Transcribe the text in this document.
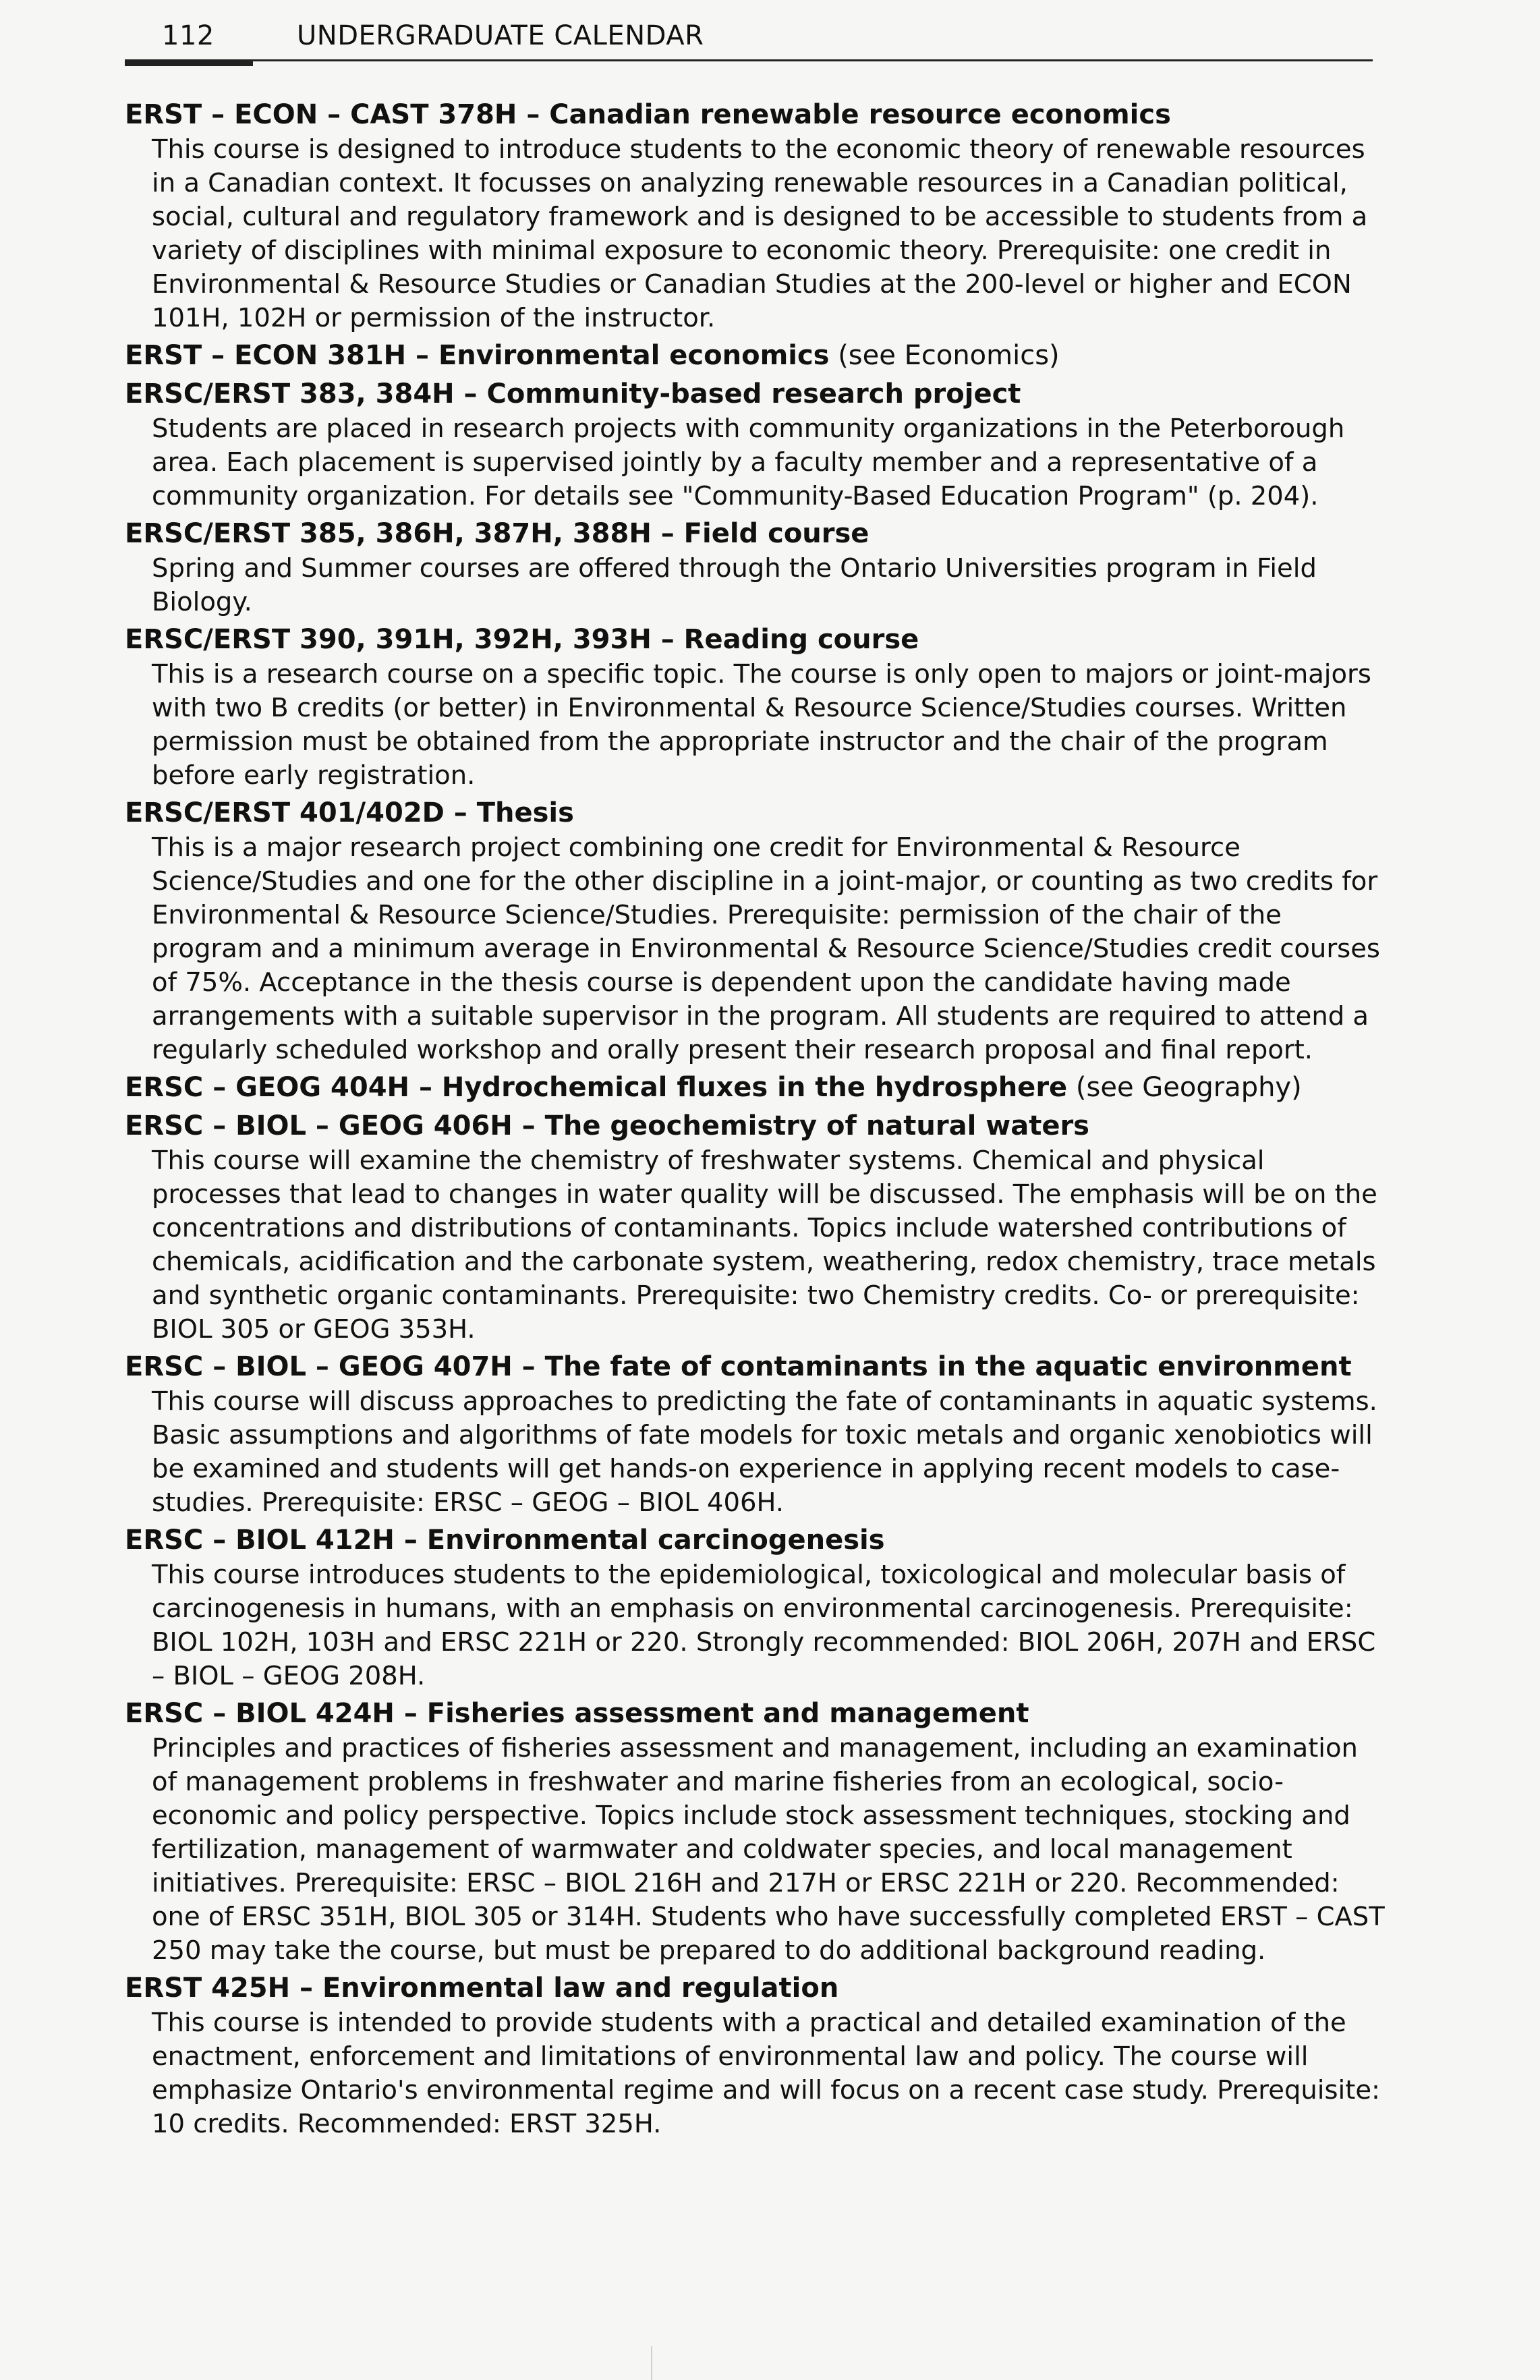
112	UNDERGRADUATE CALENDAR
ERST – ECON – CAST 378H – Canadian renewable resource economics
This course is designed to introduce students to the economic theory of renewable resources in a Canadian context. It focusses on analyzing renewable resources in a Canadian political, social, cultural and regulatory framework and is designed to be accessible to students from a variety of disciplines with minimal exposure to economic theory. Prerequisite: one credit in Environmental & Resource Studies or Canadian Studies at the 200-level or higher and ECON 101H, 102H or permission of the instructor.
ERST – ECON 381H – Environmental economics (see Economics)
ERSC/ERST 383, 384H – Community-based research project
Students are placed in research projects with community organizations in the Peterborough area. Each placement is supervised jointly by a faculty member and a representative of a community organization. For details see "Community-Based Education Program" (p. 204).
ERSC/ERST 385, 386H, 387H, 388H – Field course
Spring and Summer courses are offered through the Ontario Universities program in Field Biology.
ERSC/ERST 390, 391H, 392H, 393H – Reading course
This is a research course on a specific topic. The course is only open to majors or joint-majors with two B credits (or better) in Environmental & Resource Science/Studies courses. Written permission must be obtained from the appropriate instructor and the chair of the program before early registration.
ERSC/ERST 401/402D – Thesis
This is a major research project combining one credit for Environmental & Resource Science/Studies and one for the other discipline in a joint-major, or counting as two credits for Environmental & Resource Science/Studies. Prerequisite: permission of the chair of the program and a minimum average in Environmental & Resource Science/Studies credit courses of 75%. Acceptance in the thesis course is dependent upon the candidate having made arrangements with a suitable supervisor in the program. All students are required to attend a regularly scheduled workshop and orally present their research proposal and final report.
ERSC – GEOG 404H – Hydrochemical fluxes in the hydrosphere (see Geography)
ERSC – BIOL – GEOG 406H – The geochemistry of natural waters
This course will examine the chemistry of freshwater systems. Chemical and physical processes that lead to changes in water quality will be discussed. The emphasis will be on the concentrations and distributions of contaminants. Topics include watershed contributions of chemicals, acidification and the carbonate system, weathering, redox chemistry, trace metals and synthetic organic contaminants. Prerequisite: two Chemistry credits. Co- or prerequisite: BIOL 305 or GEOG 353H.
ERSC – BIOL – GEOG 407H – The fate of contaminants in the aquatic environment
This course will discuss approaches to predicting the fate of contaminants in aquatic systems. Basic assumptions and algorithms of fate models for toxic metals and organic xenobiotics will be examined and students will get hands-on experience in applying recent models to case-studies. Prerequisite: ERSC – GEOG – BIOL 406H.
ERSC – BIOL 412H – Environmental carcinogenesis
This course introduces students to the epidemiological, toxicological and molecular basis of carcinogenesis in humans, with an emphasis on environmental carcinogenesis. Prerequisite: BIOL 102H, 103H and ERSC 221H or 220. Strongly recommended: BIOL 206H, 207H and ERSC – BIOL – GEOG 208H.
ERSC – BIOL 424H – Fisheries assessment and management
Principles and practices of fisheries assessment and management, including an examination of management problems in freshwater and marine fisheries from an ecological, socio-economic and policy perspective. Topics include stock assessment techniques, stocking and fertilization, management of warmwater and coldwater species, and local management initiatives. Prerequisite: ERSC – BIOL 216H and 217H or ERSC 221H or 220. Recommended: one of ERSC 351H, BIOL 305 or 314H. Students who have successfully completed ERST – CAST 250 may take the course, but must be prepared to do additional background reading.
ERST 425H – Environmental law and regulation
This course is intended to provide students with a practical and detailed examination of the enactment, enforcement and limitations of environmental law and policy. The course will emphasize Ontario's environmental regime and will focus on a recent case study. Prerequisite: 10 credits. Recommended: ERST 325H.
